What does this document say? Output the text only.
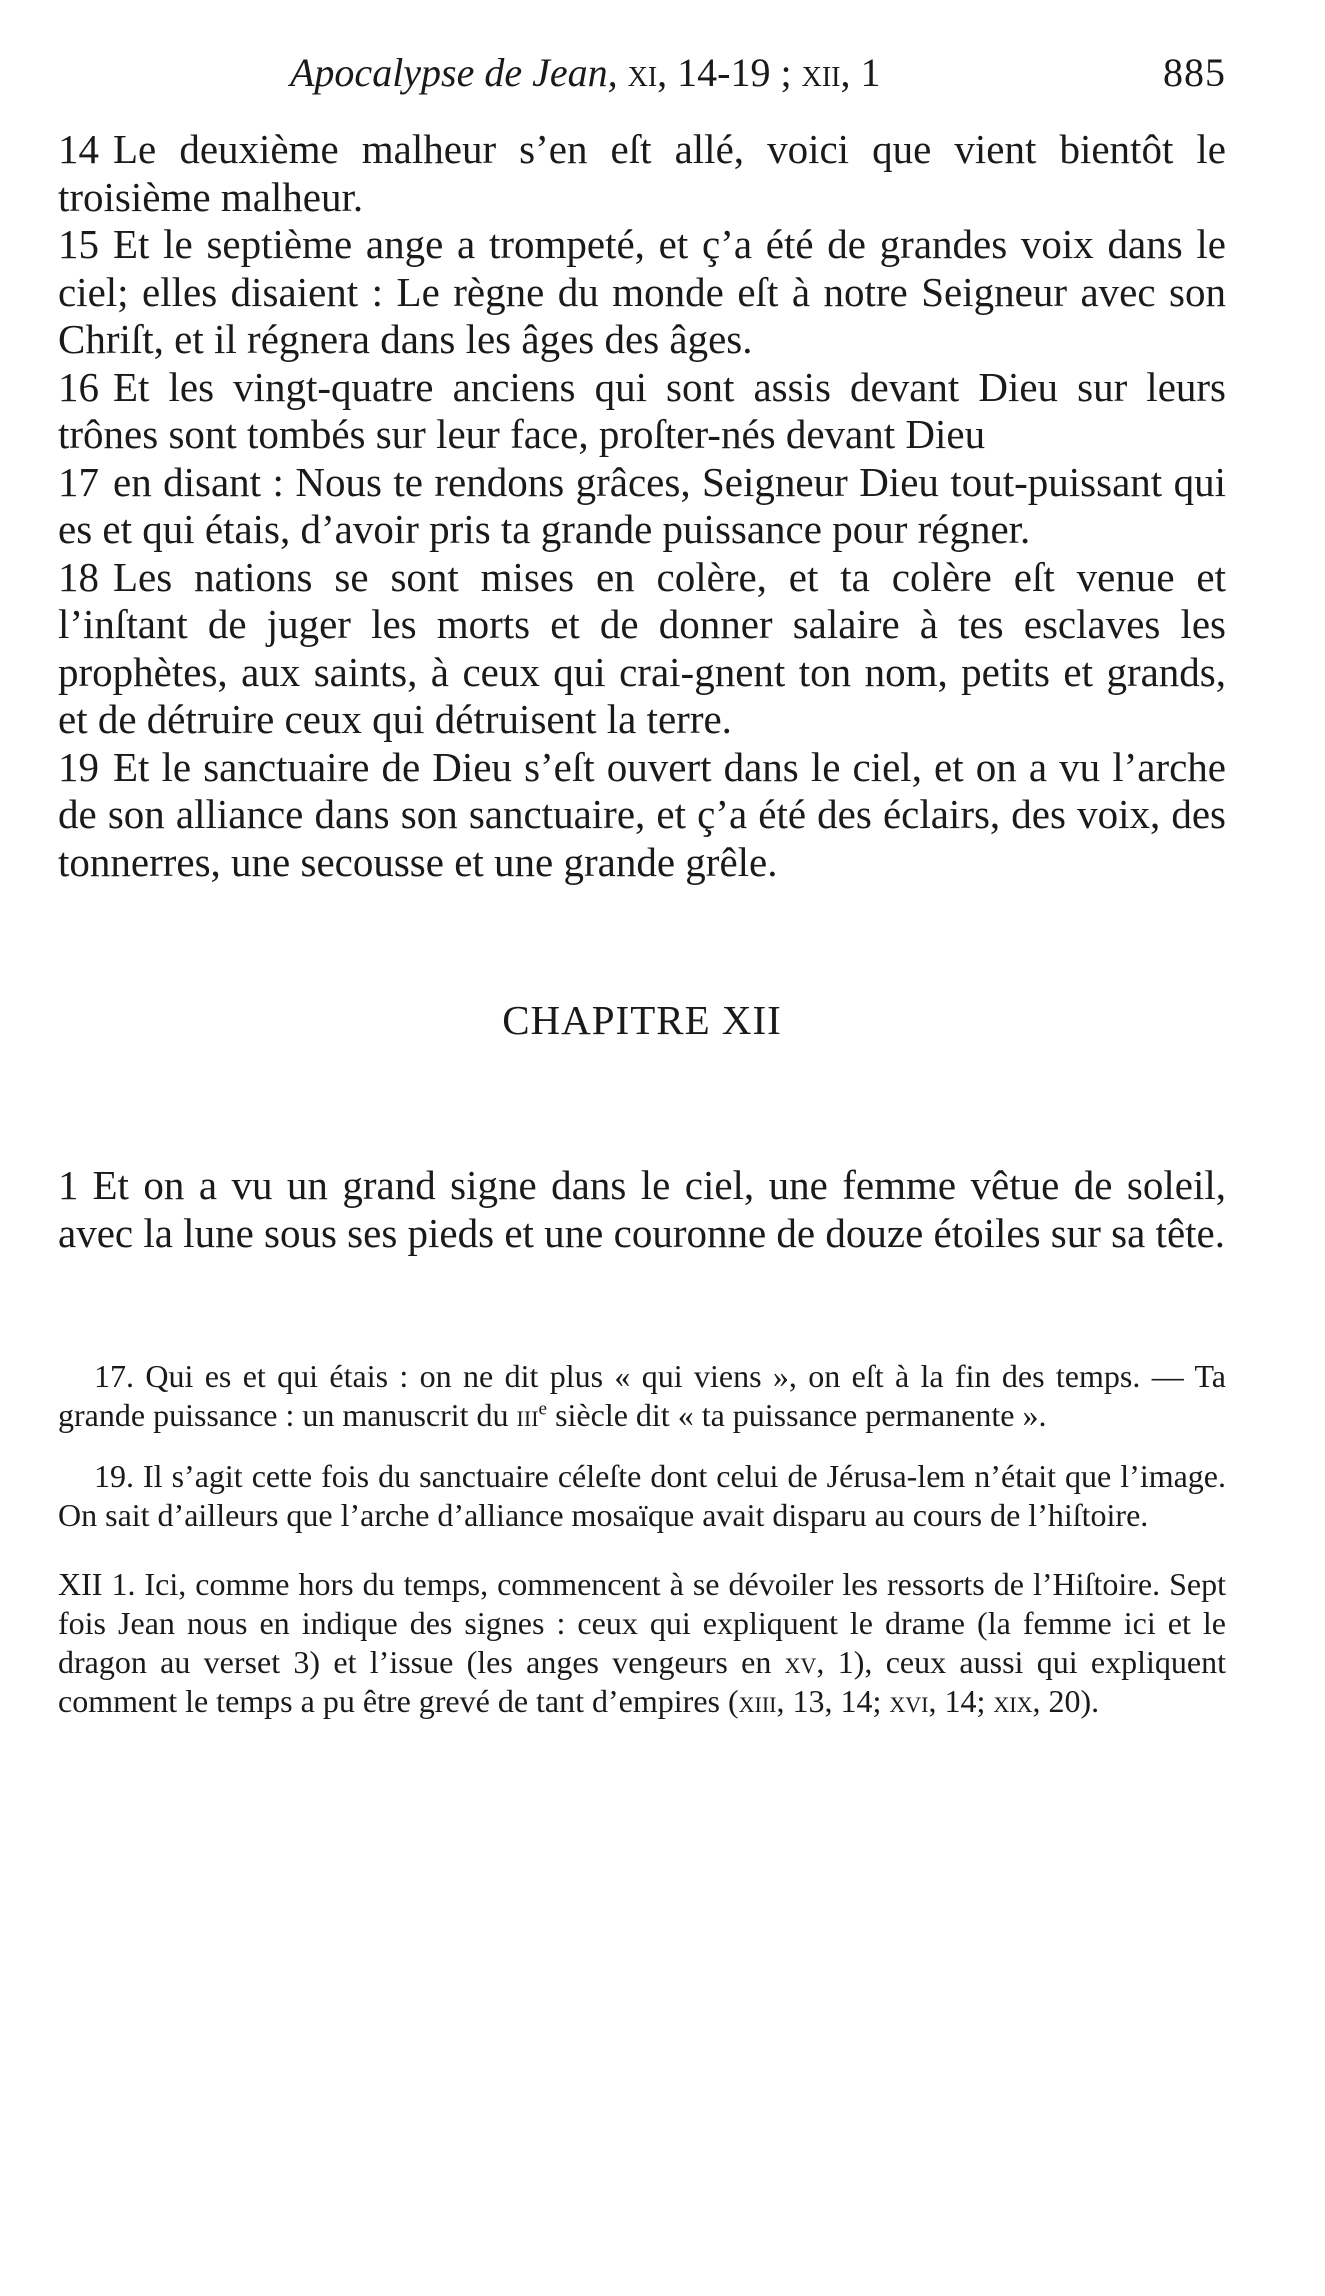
Apocalypse de Jean, xi, 14-19 ; xii, 1	885

14 Le deuxième malheur s’en eſt allé, voici que vient bientôt le troisième malheur.

15 Et le septième ange a trompeté, et ç’a été de grandes voix dans le ciel; elles disaient : Le règne du monde eſt à notre Seigneur avec son Chriſt, et il régnera dans les âges des âges.

16 Et les vingt-quatre anciens qui sont assis devant Dieu sur leurs trônes sont tombés sur leur face, proſter-nés devant Dieu

17 en disant : Nous te rendons grâces, Seigneur Dieu tout-puissant qui es et qui étais, d’avoir pris ta grande puissance pour régner.

18 Les nations se sont mises en colère, et ta colère eſt venue et l’inſtant de juger les morts et de donner salaire à tes esclaves les prophètes, aux saints, à ceux qui crai-gnent ton nom, petits et grands, et de détruire ceux qui détruisent la terre.

19 Et le sanctuaire de Dieu s’eſt ouvert dans le ciel, et on a vu l’arche de son alliance dans son sanctuaire, et ç’a été des éclairs, des voix, des tonnerres, une secousse et une grande grêle.

CHAPITRE XII

1 Et on a vu un grand signe dans le ciel, une femme vêtue de soleil, avec la lune sous ses pieds et une couronne de douze étoiles sur sa tête.

17. Qui es et qui étais : on ne dit plus « qui viens », on eſt à la fin des temps. — Ta grande puissance : un manuscrit du iii$^e$ siècle dit « ta puissance permanente ».

19. Il s’agit cette fois du sanctuaire céleſte dont celui de Jérusa-lem n’était que l’image. On sait d’ailleurs que l’arche d’alliance mosaïque avait disparu au cours de l’hiſtoire.

XII 1. Ici, comme hors du temps, commencent à se dévoiler les ressorts de l’Hiſtoire. Sept fois Jean nous en indique des signes : ceux qui expliquent le drame (la femme ici et le dragon au verset 3) et l’issue (les anges vengeurs en xv, 1), ceux aussi qui expliquent comment le temps a pu être grevé de tant d’empires (xiii, 13, 14; xvi, 14; xix, 20).
